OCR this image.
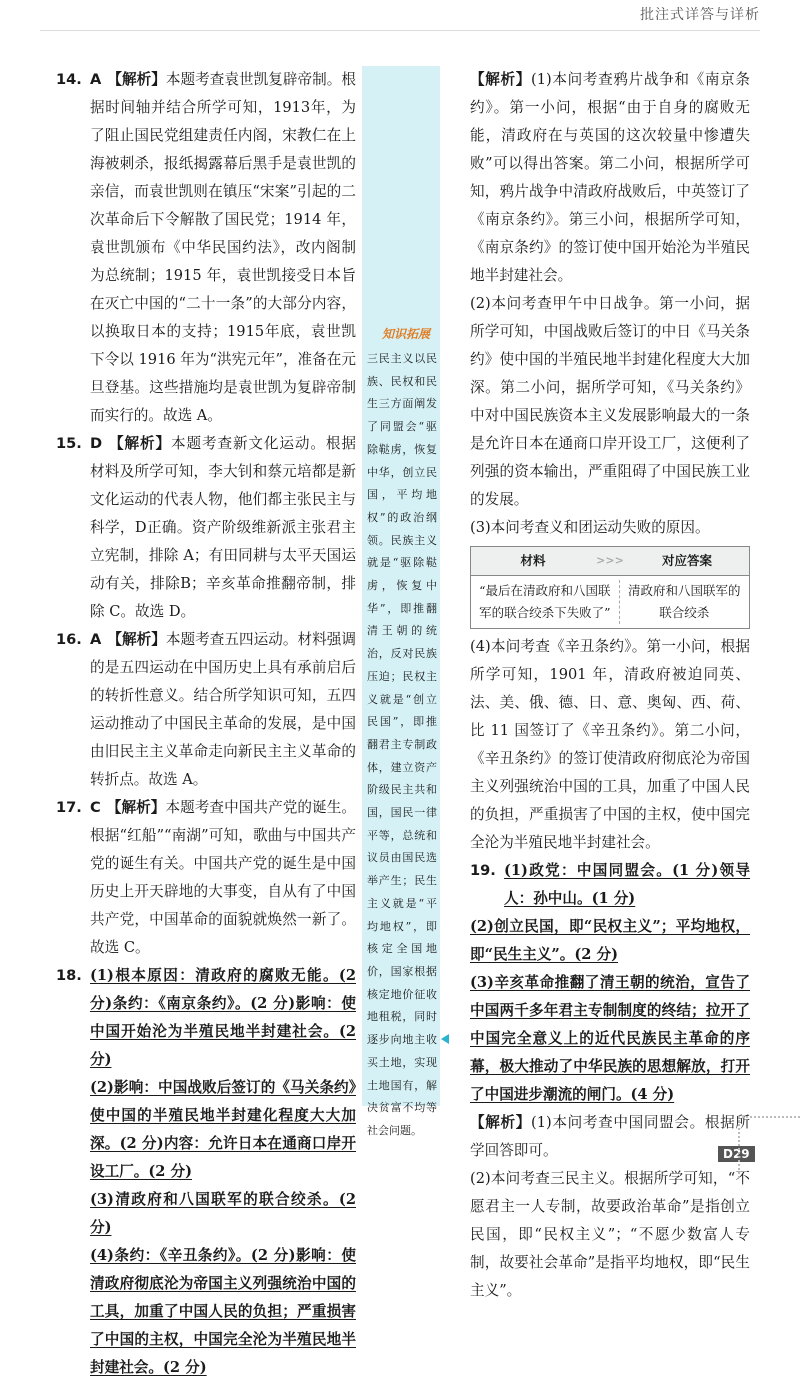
批注式详答与详析

14. A 【解析】本题考查袁世凯复辟帝制。根据时间轴并结合所学可知，1913年，为了阻止国民党组建责任内阁，宋教仁在上海被刺杀，报纸揭露幕后黑手是袁世凯的亲信，而袁世凯则在镇压“宋案”引起的二次革命后下令解散了国民党；1914 年，袁世凯颁布《中华民国约法》，改内阁制为总统制；1915 年，袁世凯接受日本旨在灭亡中国的“二十一条”的大部分内容，以换取日本的支持；1915年底，袁世凯下令以 1916 年为“洪宪元年”，准备在元旦登基。这些措施均是袁世凯为复辟帝制而实行的。故选 A。

15. D 【解析】本题考查新文化运动。根据材料及所学可知，李大钊和蔡元培都是新文化运动的代表人物，他们都主张民主与科学，D正确。资产阶级维新派主张君主立宪制，排除 A；有田同耕与太平天国运动有关，排除B；辛亥革命推翻帝制，排除 C。故选 D。

16. A 【解析】本题考查五四运动。材料强调的是五四运动在中国历史上具有承前启后的转折性意义。结合所学知识可知，五四运动推动了中国民主革命的发展，是中国由旧民主主义革命走向新民主主义革命的转折点。故选 A。

17. C 【解析】本题考查中国共产党的诞生。根据“红船”“南湖”可知，歌曲与中国共产党的诞生有关。中国共产党的诞生是中国历史上开天辟地的大事变，自从有了中国共产党，中国革命的面貌就焕然一新了。故选 C。

18. (1)根本原因：清政府的腐败无能。(2 分)条约：《南京条约》。(2 分)影响：使中国开始沦为半殖民地半封建社会。(2 分)

(2)影响：中国战败后签订的《马关条约》使中国的半殖民地半封建化程度大大加深。(2 分)内容：允许日本在通商口岸开设工厂。(2 分)

(3)清政府和八国联军的联合绞杀。(2 分)

(4)条约：《辛丑条约》。(2 分)影响：使清政府彻底沦为帝国主义列强统治中国的工具，加重了中国人民的负担；严重损害了中国的主权，中国完全沦为半殖民地半封建社会。(2 分)

知识拓展
三民主义以民族、民权和民生三方面阐发了同盟会“驱除鞑虏，恢复中华，创立民国，平均地权”的政治纲领。民族主义就是“驱除鞑虏，恢复中华”，即推翻清王朝的统治，反对民族压迫；民权主义就是“创立民国”，即推翻君主专制政体，建立资产阶级民主共和国，国民一律平等，总统和议员由国民选举产生；民生主义就是“平均地权”，即核定全国地价，国家根据核定地价征收地租税，同时逐步向地主收买土地，实现土地国有，解决贫富不均等社会问题。

【解析】(1)本问考查鸦片战争和《南京条约》。第一小问，根据“由于自身的腐败无能，清政府在与英国的这次较量中惨遭失败”可以得出答案。第二小问，根据所学可知，鸦片战争中清政府战败后，中英签订了《南京条约》。第三小问，根据所学可知，《南京条约》的签订使中国开始沦为半殖民地半封建社会。

(2)本问考查甲午中日战争。第一小问，据所学可知，中国战败后签订的中日《马关条约》使中国的半殖民地半封建化程度大大加深。第二小问，据所学可知，《马关条约》中对中国民族资本主义发展影响最大的一条是允许日本在通商口岸开设工厂，这便利了列强的资本输出，严重阻碍了中国民族工业的发展。

(3)本问考查义和团运动失败的原因。

材料	>>>	对应答案
“最后在清政府和八国联军的联合绞杀下失败了”
清政府和八国联军的联合绞杀

(4)本问考查《辛丑条约》。第一小问，根据所学可知，1901 年，清政府被迫同英、法、美、俄、德、日、意、奥匈、西、荷、比 11 国签订了《辛丑条约》。第二小问，《辛丑条约》的签订使清政府彻底沦为帝国主义列强统治中国的工具，加重了中国人民的负担，严重损害了中国的主权，使中国完全沦为半殖民地半封建社会。

19. (1)政党：中国同盟会。(1 分)领导人：孙中山。(1 分)

(2)创立民国，即“民权主义”；平均地权，即“民生主义”。(2 分)

(3)辛亥革命推翻了清王朝的统治，宣告了中国两千多年君主专制制度的终结；拉开了中国完全意义上的近代民族民主革命的序幕，极大推动了中华民族的思想解放，打开了中国进步潮流的闸门。(4 分)

【解析】(1)本问考查中国同盟会。根据所学回答即可。

(2)本问考查三民主义。根据所学可知，“不愿君主一人专制，故要政治革命”是指创立民国，即“民权主义”；“不愿少数富人专制，故要社会革命”是指平均地权，即“民生主义”。

D29
